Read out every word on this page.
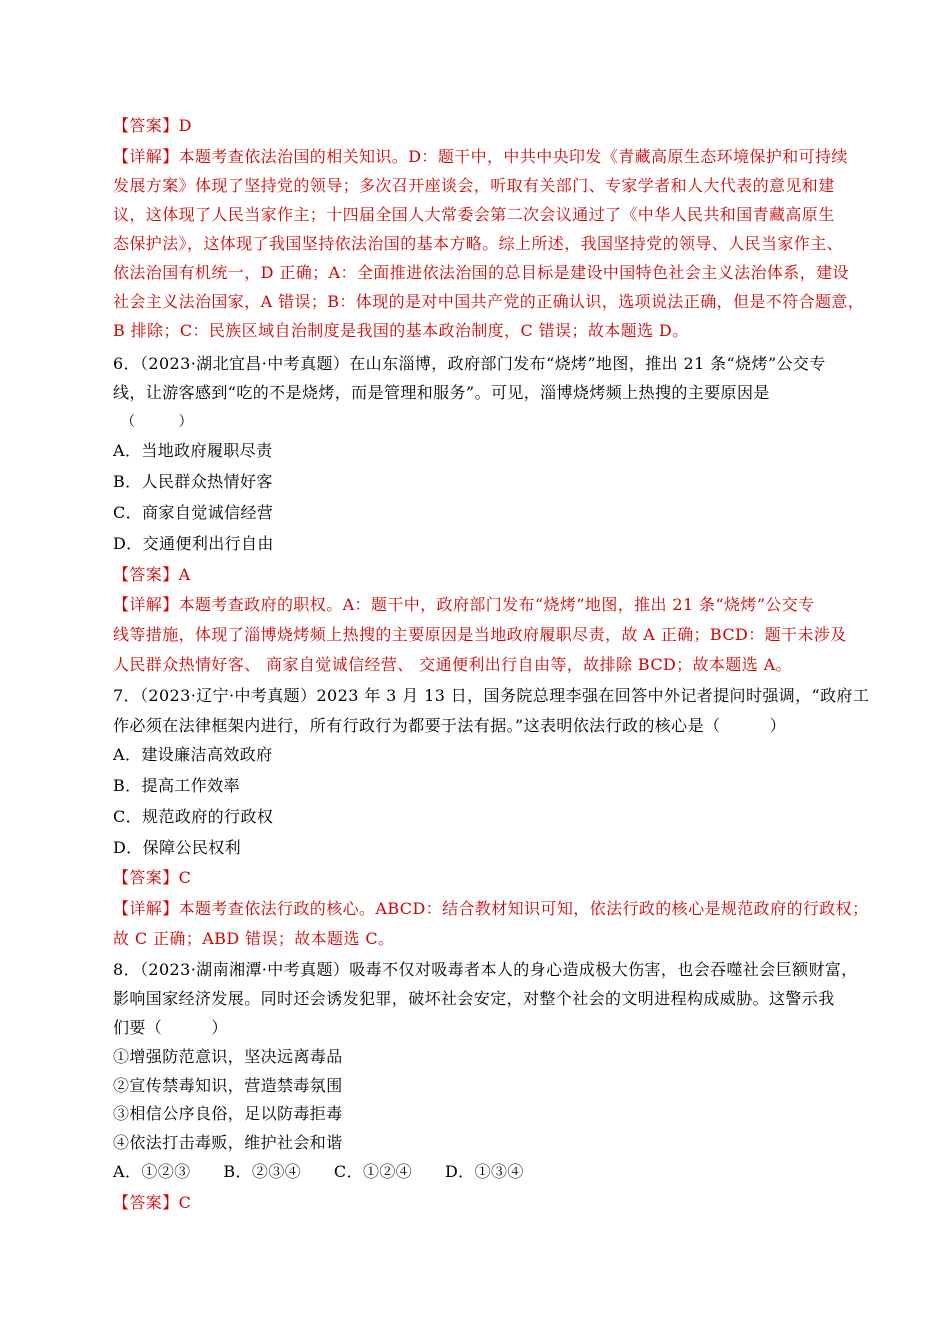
【答案】D
【详解】本题考查依法治国的相关知识。D：题干中，中共中央印发《青藏高原生态环境保护和可持续
发展方案》体现了坚持党的领导；多次召开座谈会，听取有关部门、专家学者和人大代表的意见和建
议，这体现了人民当家作主；十四届全国人大常委会第二次会议通过了《中华人民共和国青藏高原生
态保护法》，这体现了我国坚持依法治国的基本方略。综上所述，我国坚持党的领导、人民当家作主、
依法治国有机统一，D 正确；A：全面推进依法治国的总目标是建设中国特色社会主义法治体系，建设
社会主义法治国家，A 错误；B：体现的是对中国共产党的正确认识，选项说法正确，但是不符合题意，
B 排除；C：民族区域自治制度是我国的基本政治制度，C 错误；故本题选 D。
6．（2023·湖北宜昌·中考真题）在山东淄博，政府部门发布“烧烤”地图，推出 21 条“烧烤”公交专
线，让游客感到“吃的不是烧烤，而是管理和服务”。可见，淄博烧烤频上热搜的主要原因是
（　　　）
A．当地政府履职尽责
B．人民群众热情好客
C．商家自觉诚信经营
D．交通便利出行自由
【答案】A
【详解】本题考查政府的职权。A：题干中，政府部门发布“烧烤”地图，推出 21 条“烧烤”公交专
线等措施，体现了淄博烧烤频上热搜的主要原因是当地政府履职尽责，故 A 正确；BCD：题干未涉及
人民群众热情好客、 商家自觉诚信经营、 交通便利出行自由等，故排除 BCD；故本题选 A。
7．（2023·辽宁·中考真题）2023 年 3 月 13 日，国务院总理李强在回答中外记者提问时强调，“政府工
作必须在法律框架内进行，所有行政行为都要于法有据。”这表明依法行政的核心是（　　　）
A．建设廉洁高效政府
B．提高工作效率
C．规范政府的行政权
D．保障公民权利
【答案】C
【详解】本题考查依法行政的核心。ABCD：结合教材知识可知，依法行政的核心是规范政府的行政权；
故 C 正确；ABD 错误；故本题选 C。
8．（2023·湖南湘潭·中考真题）吸毒不仅对吸毒者本人的身心造成极大伤害，也会吞噬社会巨额财富，
影响国家经济发展。同时还会诱发犯罪，破坏社会安定，对整个社会的文明进程构成威胁。这警示我
们要（　　　）
①增强防范意识，坚决远离毒品
②宣传禁毒知识，营造禁毒氛围
③相信公序良俗，足以防毒拒毒
④依法打击毒贩，维护社会和谐
A．①②③　　B．②③④　　C．①②④　　D．①③④
【答案】C
